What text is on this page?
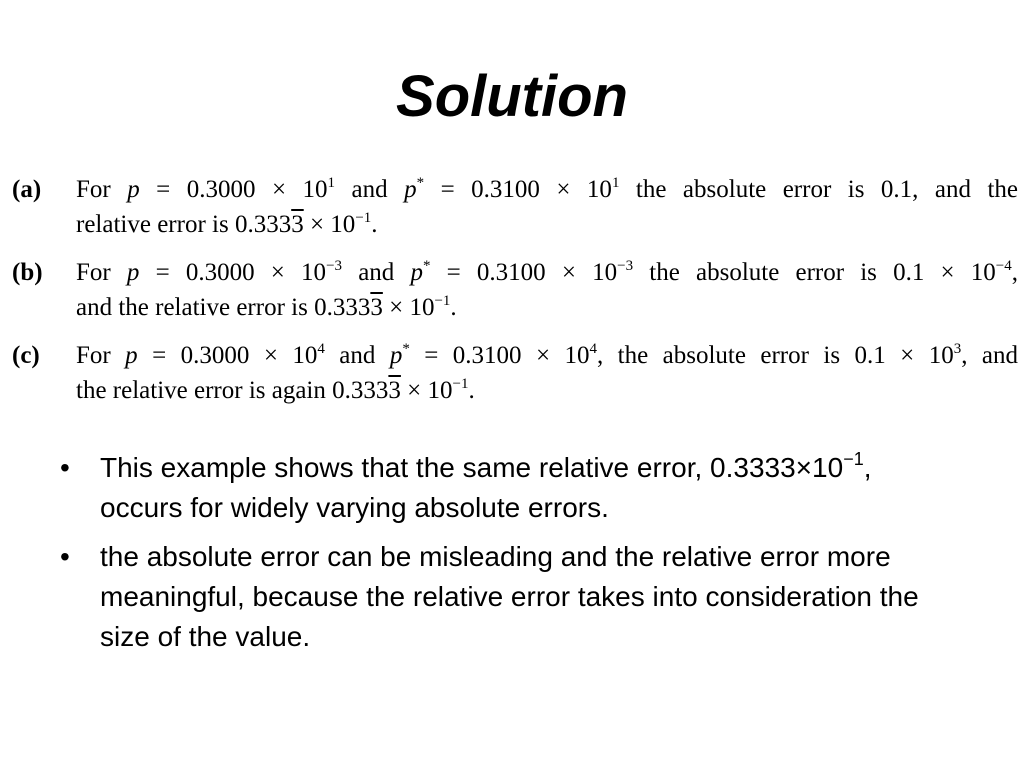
Solution
(a) For $p = 0.3000 \times 10^1$ and $p^* = 0.3100 \times 10^1$ the absolute error is 0.1, and the
relative error is $0.3333 \times 10^{-1}$.
(b) For $p = 0.3000 \times 10^{-3}$ and $p^* = 0.3100 \times 10^{-3}$ the absolute error is $0.1 \times 10^{-4}$,
and the relative error is $0.3333 \times 10^{-1}$.
(c) For $p = 0.3000 \times 10^4$ and $p^* = 0.3100 \times 10^4$, the absolute error is $0.1 \times 10^3$, and
the relative error is again $0.3333 \times 10^{-1}$.
• This example shows that the same relative error, $0.3333\times 10^{-1}$, occurs for widely varying absolute errors.
• the absolute error can be misleading and the relative error more meaningful, because the relative error takes into consideration the size of the value.
